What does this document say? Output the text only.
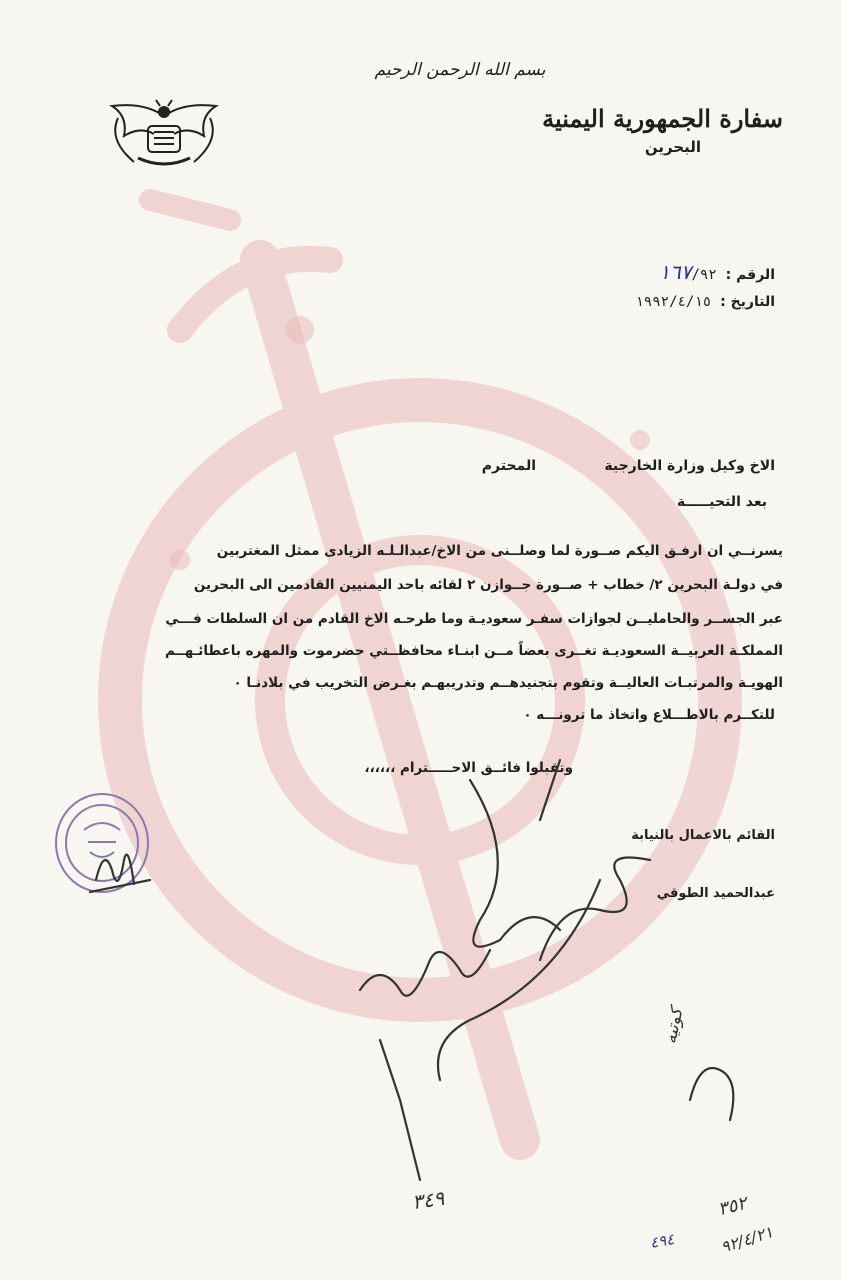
بسم الله الرحمن الرحيم
سفارة الجمهورية اليمنية
البحرين
الرقم : ١٦٧/٩٢
التاريخ : ١٩٩٢/٤/١٥
الاخ وكيل وزارة الخارجية
المحترم
بعد التحيـــــة
يسرنــي ان ارفـق اليكم صــورة لما وصلــنى من الاخ/عبدالـلـه الزيادى ممثل المغتربين
في دولـة البحرين ٢/ خطاب + صــورة جــوازن ٢ لقائه باحد اليمنيين القادمين الى البحرين
عبر الجســر والحامليــن لجوازات سفـر سعوديـة وما طرحـه الاخ القادم من ان السلطات فـــي
المملكـة العربيــة السعوديـة تغــرى بعضاً مــن ابنـاء محافظــتي حضرموت والمهره باعطائـهــم
الهويـة والمرتبـات العاليــة وتقوم بتجنيدهــم وتدريبهـم بغـرض التخريب في بلادنـا ٠
للتكــرم بالاطـــلاع واتخاذ ما ترونـــه ٠
وتقبلوا فائــق الاحـــــترام ،،،،،،
القائم بالاعمال بالنيابة
عبدالحميد الطوقي
٣٤٩	٣٥٢
٩٢/٤/٢١
٤٩٤
كوتيه
